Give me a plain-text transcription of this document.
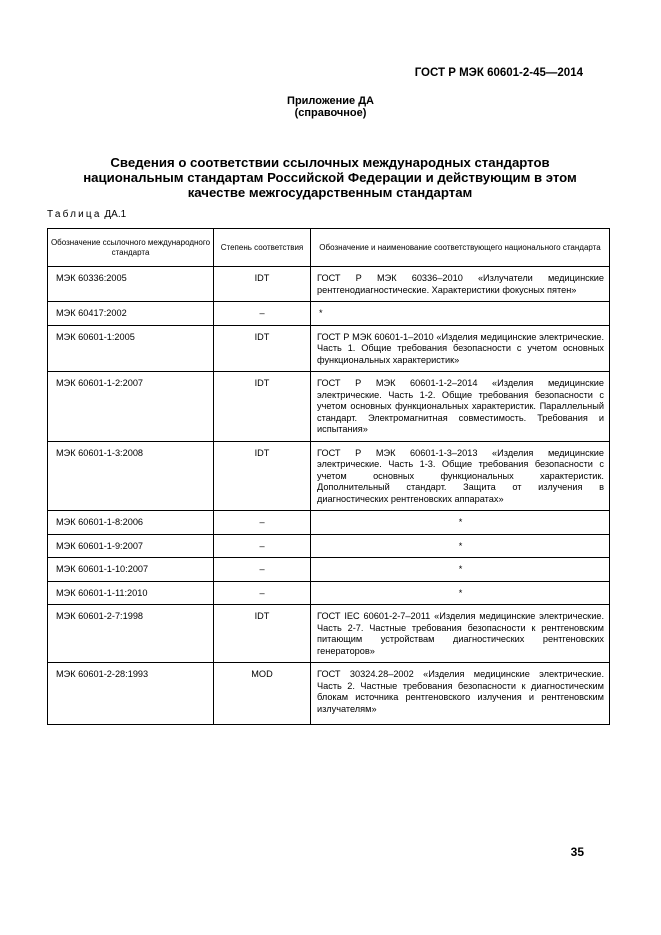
ГОСТ Р МЭК 60601-2-45—2014
Приложение ДА
(справочное)
Сведения о соответствии ссылочных международных стандартов
национальным стандартам Российской Федерации и действующим в этом
качестве межгосударственным стандартам
Таблица ДА.1
Обозначение ссылочного международного стандарта	Степень соответствия	Обозначение и наименование соответствующего национального стандарта
МЭК 60336:2005	IDT	ГОСТ Р МЭК 60336–2010 «Излучатели медицинские рентгенодиагностические. Характеристики фокусных пятен»
МЭК 60417:2002	–	*
МЭК 60601-1:2005	IDT	ГОСТ Р МЭК 60601-1–2010 «Изделия медицинские электрические. Часть 1. Общие требования безопасности с учетом основных функциональных характеристик»
МЭК 60601-1-2:2007	IDT	ГОСТ Р МЭК 60601-1-2–2014 «Изделия медицинские электрические. Часть 1-2. Общие требования безопасности с учетом основных функциональных характеристик. Параллельный стандарт. Электромагнитная совместимость. Требования и испытания»
МЭК 60601-1-3:2008	IDT	ГОСТ Р МЭК 60601-1-3–2013 «Изделия медицинские электрические. Часть 1-3. Общие требования безопасности с учетом основных функциональных характеристик. Дополнительный стандарт. Защита от излучения в диагностических рентгеновских аппаратах»
МЭК 60601-1-8:2006	–	*
МЭК 60601-1-9:2007	–	*
МЭК 60601-1-10:2007	–	*
МЭК 60601-1-11:2010	–	*
МЭК 60601-2-7:1998	IDT	ГОСТ IEC 60601-2-7–2011 «Изделия медицинские электрические. Часть 2-7. Частные требования безопасности к рентгеновским питающим устройствам диагностических рентгеновских генераторов»
МЭК 60601-2-28:1993	MOD	ГОСТ 30324.28–2002 «Изделия медицинские электрические. Часть 2. Частные требования безопасности к диагностическим блокам источника рентгеновского излучения и рентгеновским излучателям»
35
